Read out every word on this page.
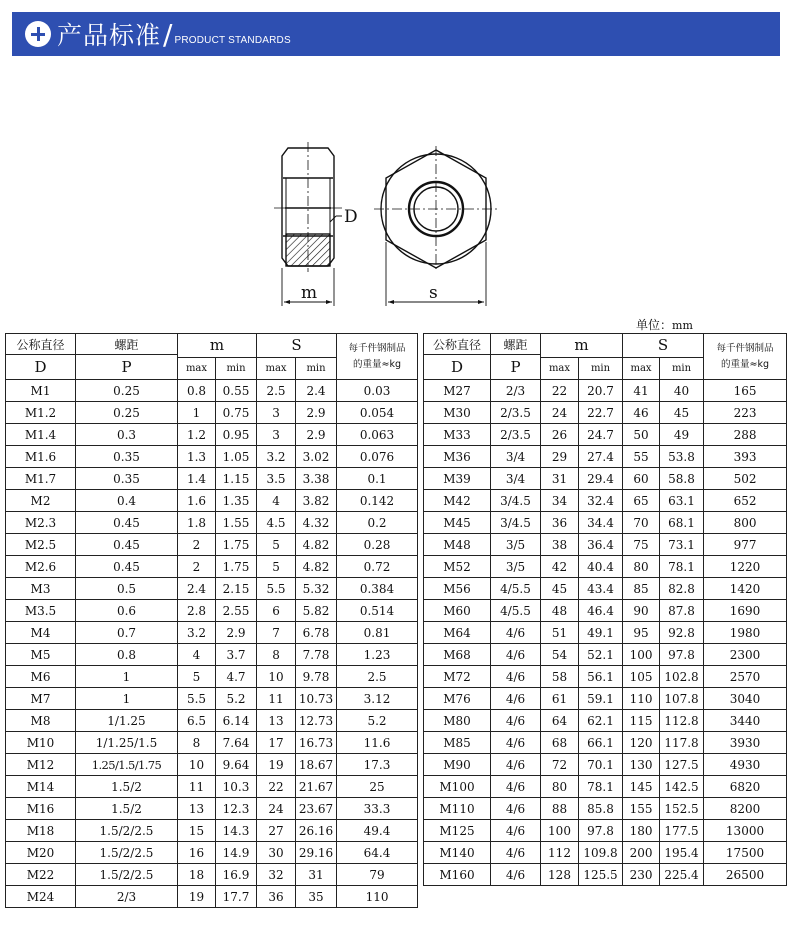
产品标准 / PRODUCT STANDARDS
D
m	s
单位：mm
公称直径	螺距	m		S		每千件钢制品
的重量≈kg
D	P					
		max	min	max	min	
M1	0.25	0.8	0.55	2.5	2.4	0.03
M1.2	0.25	1	0.75	3	2.9	0.054
M1.4	0.3	1.2	0.95	3	2.9	0.063
M1.6	0.35	1.3	1.05	3.2	3.02	0.076
M1.7	0.35	1.4	1.15	3.5	3.38	0.1
M2	0.4	1.6	1.35	4	3.82	0.142
M2.3	0.45	1.8	1.55	4.5	4.32	0.2
M2.5	0.45	2	1.75	5	4.82	0.28
M2.6	0.45	2	1.75	5	4.82	0.72
M3	0.5	2.4	2.15	5.5	5.32	0.384
M3.5	0.6	2.8	2.55	6	5.82	0.514
M4	0.7	3.2	2.9	7	6.78	0.81
M5	0.8	4	3.7	8	7.78	1.23
M6	1	5	4.7	10	9.78	2.5
M7	1	5.5	5.2	11	10.73	3.12
M8	1/1.25	6.5	6.14	13	12.73	5.2
M10	1/1.25/1.5	8	7.64	17	16.73	11.6
M12	1.25/1.5/1.75	10	9.64	19	18.67	17.3
M14	1.5/2	11	10.3	22	21.67	25
M16	1.5/2	13	12.3	24	23.67	33.3
M18	1.5/2/2.5	15	14.3	27	26.16	49.4
M20	1.5/2/2.5	16	14.9	30	29.16	64.4
M22	1.5/2/2.5	18	16.9	32	31	79
M24	2/3	19	17.7	36	35	110
公称直径	螺距	m		S		每千件钢制品
的重量≈kg
D	P					
		max	min	max	min	
M27	2/3	22	20.7	41	40	165
M30	2/3.5	24	22.7	46	45	223
M33	2/3.5	26	24.7	50	49	288
M36	3/4	29	27.4	55	53.8	393
M39	3/4	31	29.4	60	58.8	502
M42	3/4.5	34	32.4	65	63.1	652
M45	3/4.5	36	34.4	70	68.1	800
M48	3/5	38	36.4	75	73.1	977
M52	3/5	42	40.4	80	78.1	1220
M56	4/5.5	45	43.4	85	82.8	1420
M60	4/5.5	48	46.4	90	87.8	1690
M64	4/6	51	49.1	95	92.8	1980
M68	4/6	54	52.1	100	97.8	2300
M72	4/6	58	56.1	105	102.8	2570
M76	4/6	61	59.1	110	107.8	3040
M80	4/6	64	62.1	115	112.8	3440
M85	4/6	68	66.1	120	117.8	3930
M90	4/6	72	70.1	130	127.5	4930
M100	4/6	80	78.1	145	142.5	6820
M110	4/6	88	85.8	155	152.5	8200
M125	4/6	100	97.8	180	177.5	13000
M140	4/6	112	109.8	200	195.4	17500
M160	4/6	128	125.5	230	225.4	26500
